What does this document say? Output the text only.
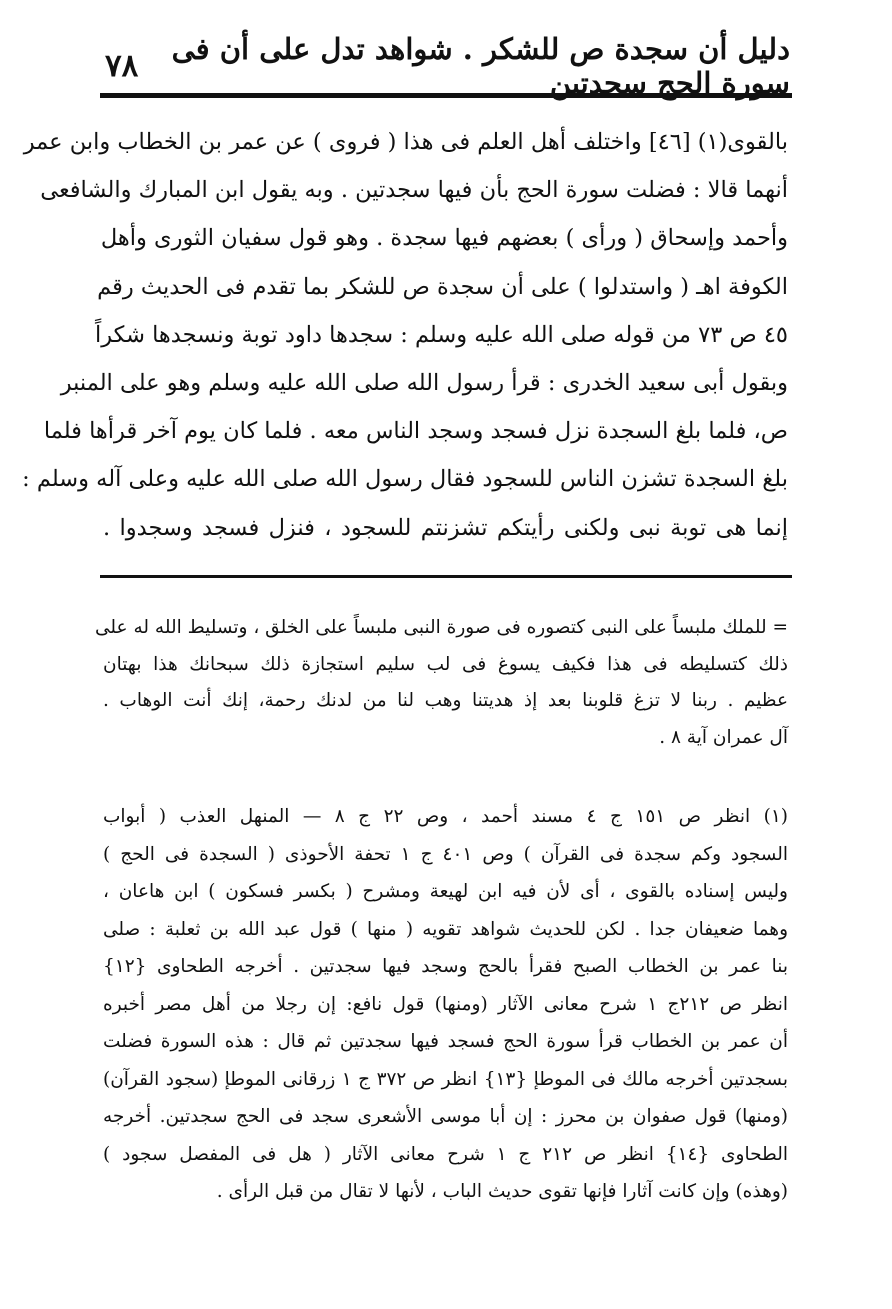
دليل أن سجدة ص للشكر . شواهد تدل على أن فى سورة الحج سجدتين
٧٨
بالقوى(١) [٤٦] واختلف أهل العلم فى هذا ( فروى ) عن عمر بن الخطاب وابن عمر
أنهما قالا : فضلت سورة الحج بأن فيها سجدتين . وبه يقول ابن المبارك والشافعى
وأحمد وإسحاق ( ورأى ) بعضهم فيها سجدة . وهو قول سفيان الثورى وأهل
الكوفة اهـ ( واستدلوا ) على أن سجدة ص للشكر بما تقدم فى الحديث رقم
٤٥ ص ٧٣ من قوله صلى الله عليه وسلم : سجدها داود توبة ونسجدها شكراً
وبقول أبى سعيد الخدرى : قرأ رسول الله صلى الله عليه وسلم وهو على المنبر
ص، فلما بلغ السجدة نزل فسجد وسجد الناس معه . فلما كان يوم آخر قرأها فلما
بلغ السجدة تشزن الناس للسجود فقال رسول الله صلى الله عليه وعلى آله وسلم :
إنما هى توبة نبى ولكنى رأيتكم تشزنتم للسجود ، فنزل فسجد وسجدوا .
= للملك ملبساً على النبى كتصوره فى صورة النبى ملبساً على الخلق ، وتسليط الله له على
ذلك كتسليطه فى هذا فكيف يسوغ فى لب سليم استجازة ذلك سبحانك هذا بهتان
عظيم . ربنا لا تزغ قلوبنا بعد إذ هديتنا وهب لنا من لدنك رحمة، إنك أنت الوهاب .
آل عمران آية ٨ .
(١) انظر ص ١٥١ ج ٤ مسند أحمد ، وص ٢٢ ج ٨ — المنهل العذب ( أبواب
السجود وكم سجدة فى القرآن ) وص ٤٠١ ج ١ تحفة الأحوذى ( السجدة فى الحج )
وليس إسناده بالقوى ، أى لأن فيه ابن لهيعة ومشرح ( بكسر فسكون ) ابن هاعان ،
وهما ضعيفان جدا . لكن للحديث شواهد تقويه ( منها ) قول عبد الله بن ثعلبة : صلى
بنا عمر بن الخطاب الصبح فقرأ بالحج وسجد فيها سجدتين . أخرجه الطحاوى {١٢}
انظر ص ٢١٢ج ١ شرح معانى الآثار (ومنها) قول نافع: إن رجلا من أهل مصر أخبره
أن عمر بن الخطاب قرأ سورة الحج فسجد فيها سجدتين ثم قال : هذه السورة فضلت
بسجدتين أخرجه مالك فى الموطإ {١٣} انظر ص ٣٧٢ ج ١ زرقانى الموطإ (سجود القرآن)
(ومنها) قول صفوان بن محرز : إن أبا موسى الأشعرى سجد فى الحج سجدتين. أخرجه
الطحاوى {١٤} انظر ص ٢١٢ ج ١ شرح معانى الآثار ( هل فى المفصل سجود )
(وهذه) وإن كانت آثارا فإنها تقوى حديث الباب ، لأنها لا تقال من قبل الرأى .
